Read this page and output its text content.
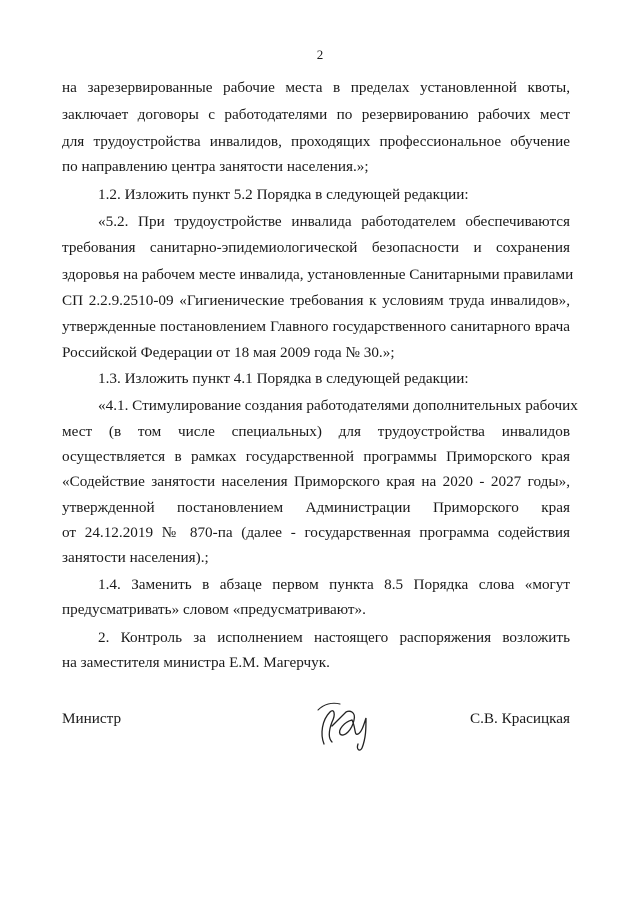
2
на зарезервированные рабочие места в пределах установленной квоты,
заключает договоры с работодателями по резервированию рабочих мест
для трудоустройства инвалидов, проходящих профессиональное обучение
по направлению центра занятости населения.»;
1.2. Изложить пункт 5.2 Порядка в следующей редакции:
«5.2. При трудоустройстве инвалида работодателем обеспечиваются
требования санитарно-эпидемиологической безопасности и сохранения
здоровья на рабочем месте инвалида, установленные Санитарными правилами
СП 2.2.9.2510-09 «Гигиенические требования к условиям труда инвалидов»,
утвержденные постановлением Главного государственного санитарного врача
Российской Федерации от 18 мая 2009 года № 30.»;
1.3. Изложить пункт 4.1 Порядка в следующей редакции:
«4.1. Стимулирование создания работодателями дополнительных рабочих
мест (в том числе специальных) для трудоустройства инвалидов
осуществляется в рамках государственной программы Приморского края
«Содействие занятости населения Приморского края на 2020 - 2027 годы»,
утвержденной постановлением Администрации Приморского края
от 24.12.2019 № 870-па (далее - государственная программа содействия
занятости населения).;
1.4. Заменить в абзаце первом пункта 8.5 Порядка слова «могут
предусматривать» словом «предусматривают».
2. Контроль за исполнением настоящего распоряжения возложить
на заместителя министра Е.М. Магерчук.
Министр	С.В. Красицкая
